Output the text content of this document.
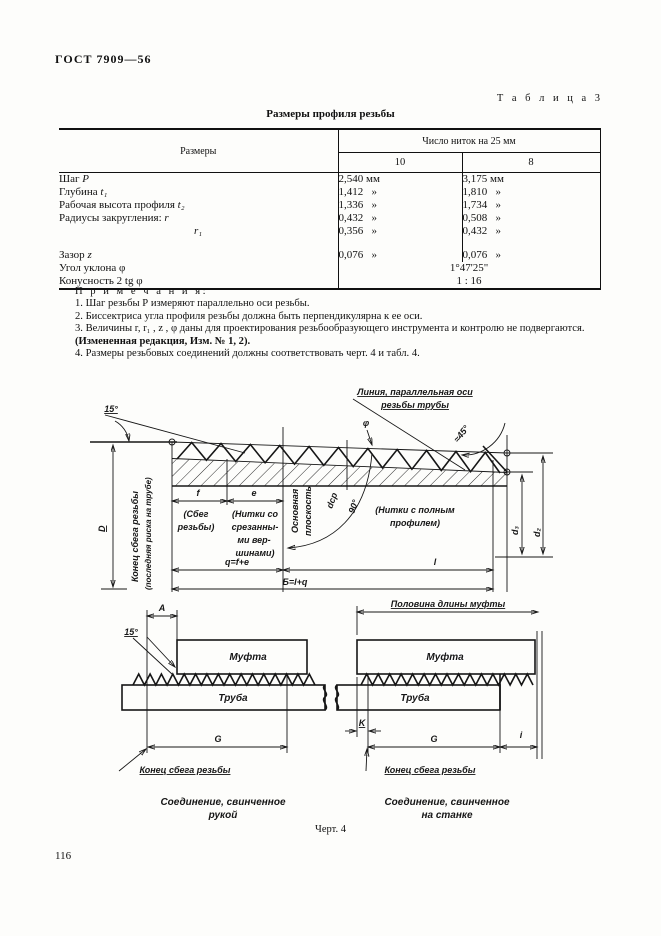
ГОСТ 7909—56
Т а б л и ц а 3
Размеры профиля резьбы
Размеры	Число ниток на 25 мм	
	10	8
Шаг P	2,540 мм	3,175 мм
Глубина t₁	1,412   »	1,810   »
Рабочая высота профиля t₂	1,336   »	1,734   »
Радиусы закругления: r	0,432   »	0,508   »
r₁	0,356   »	0,432   »

Зазор z	0,076   »	0,076   »
Угол уклона φ	1°47'25"	
Конусность 2 tg φ	1 : 16	

П р и м е ч а н и я:

1. Шаг резьбы Р измеряют параллельно оси резьбы.

2. Биссектриса угла профиля резьбы должна быть перпендикулярна к ее оси.

3. Величины r, r₁ , z , φ даны для проектирования резьбообразующего инструмента и контролю не подвергаются.

(Измененная редакция, Изм. № 1, 2).

4. Размеры резьбовых соединений должны соответствовать черт. 4 и табл. 4.

15°
D	Конец сбега резьбы (последняя риска на трубе)	f	e
(Сбег
резьбы)
(Нитки со
срезанны-
ми вер-
шинами)
q=f+e	l
Б=l+q
Основная плоскость dср 90°
φ
Линия, параллельная оси
резьбы трубы
≈45°
(Нитки с полным
профилем)
d₃ d₂
Муфта
Труба
A
15°
G
Конец сбега резьбы
Соединение, свинченное
рукой
Муфта
Труба
Половина длины муфты
K
G	i
Конец сбега резьбы
Соединение, свинченное
на станке
Черт. 4
116
